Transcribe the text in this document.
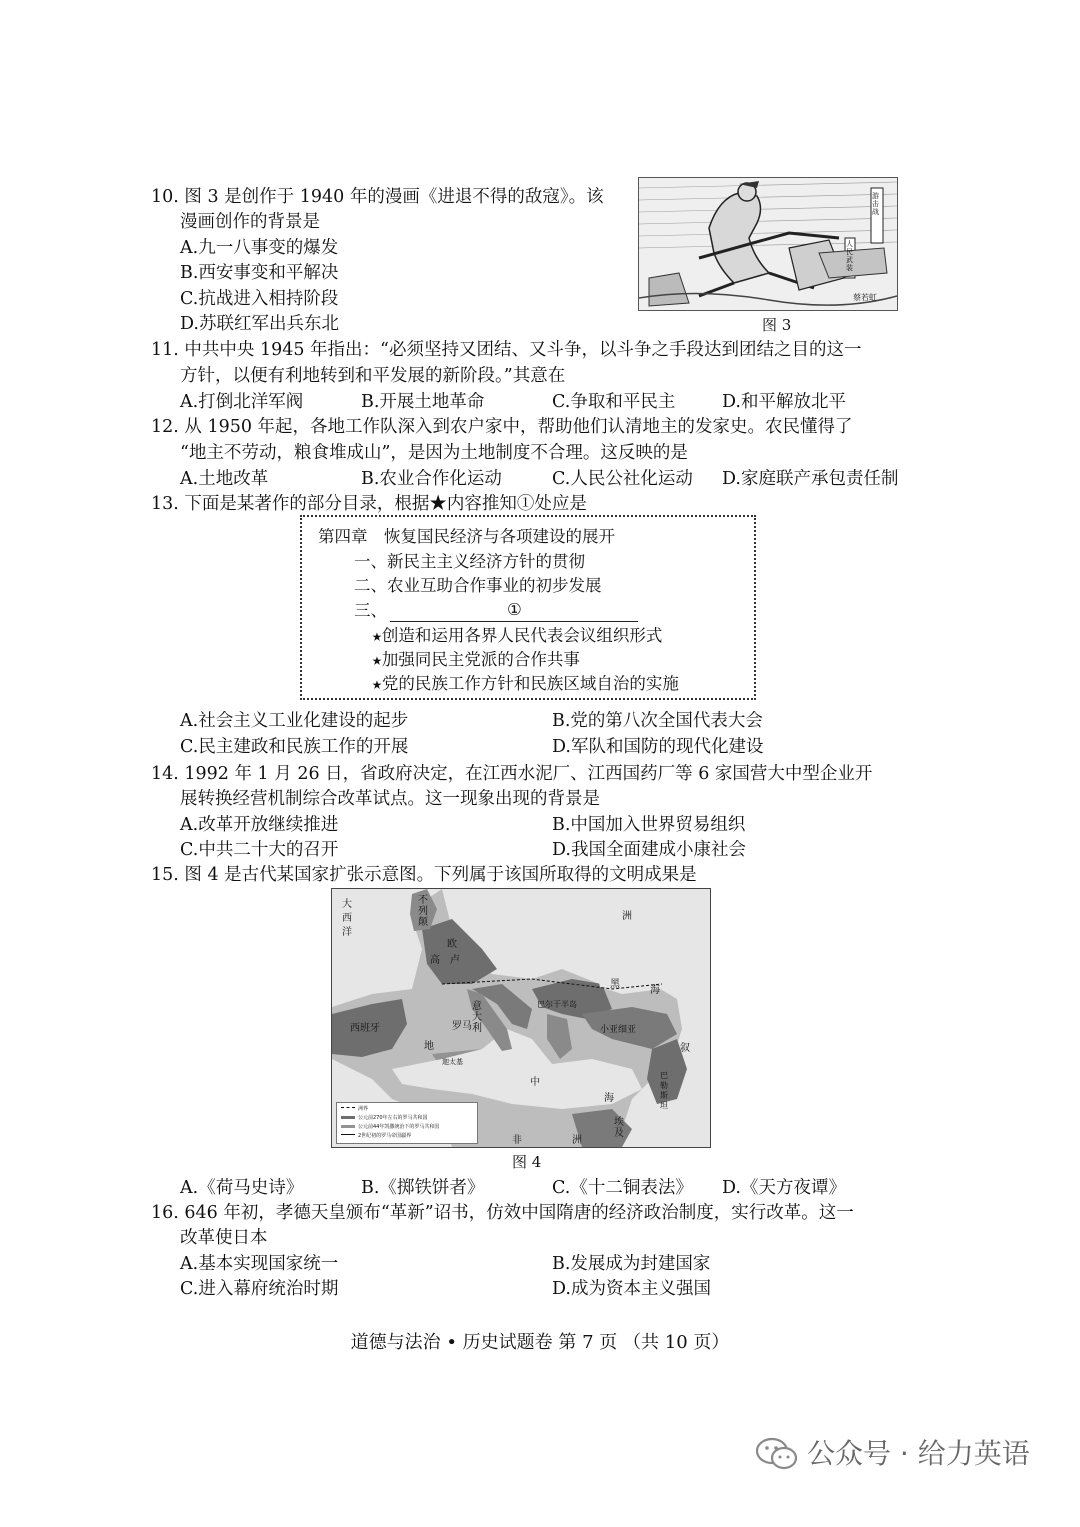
10. 图 3 是创作于 1940 年的漫画《进退不得的敌寇》。该
漫画创作的背景是
A.九一八事变的爆发
B.西安事变和平解决
C.抗战进入相持阶段
D.苏联红军出兵东北
人民武装
游击战
蔡若虹
图 3
11. 中共中央 1945 年指出：“必须坚持又团结、又斗争，以斗争之手段达到团结之目的这一
方针，以便有利地转到和平发展的新阶段。”其意在
A.打倒北洋军阀	B.开展土地革命	C.争取和平民主	D.和平解放北平
12. 从 1950 年起，各地工作队深入到农户家中，帮助他们认清地主的发家史。农民懂得了
“地主不劳动，粮食堆成山”，是因为土地制度不合理。这反映的是
A.土地改革	B.农业合作化运动	C.人民公社化运动 D.家庭联产承包责任制
13. 下面是某著作的部分目录，根据★内容推知①处应是
第四章　恢复国民经济与各项建设的展开
一、新民主主义经济方针的贯彻
二、农业互助合作事业的初步发展
三、	①
★创造和运用各界人民代表会议组织形式
★加强同民主党派的合作共事
★党的民族工作方针和民族区域自治的实施
A.社会主义工业化建设的起步	B.党的第八次全国代表大会
C.民主建政和民族工作的开展	D.军队和国防的现代化建设
14. 1992 年 1 月 26 日，省政府决定，在江西水泥厂、江西国药厂等 6 家国营大中型企业开
展转换经营机制综合改革试点。这一现象出现的背景是
A.改革开放继续推进	B.中国加入世界贸易组织
C.中共二十大的召开	D.我国全面建成小康社会
15. 图 4 是古代某国家扩张示意图。下列属于该国所取得的文明成果是
大
西
洋
不列颠
欧
高 卢
洲
西班牙	罗马
意大利
巴尔干半岛
小亚细亚
黑
海
迦太基
地
中
海
叙
巴勒斯坦
非	洲
埃及
洲界
公元前270年左右的罗马共和国
公元前44年凯撒统治下的罗马共和国
2世纪初的罗马帝国疆界
图 4
A.《荷马史诗》	B.《掷铁饼者》	C.《十二铜表法》 D.《天方夜谭》
16. 646 年初，孝德天皇颁布“革新”诏书，仿效中国隋唐的经济政治制度，实行改革。这一
改革使日本
A.基本实现国家统一	B.发展成为封建国家
C.进入幕府统治时期	D.成为资本主义强国
道德与法治 • 历史试题卷 第 7 页 （共 10 页）
公众号 · 给力英语
